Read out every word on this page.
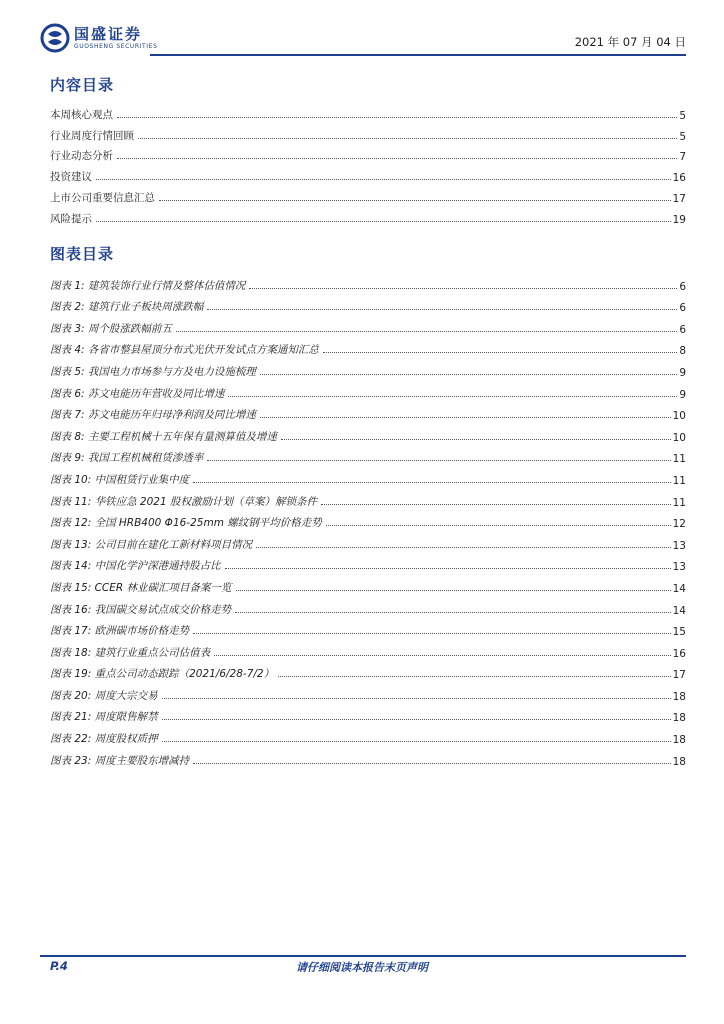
国盛证券
GUOSHENG SECURITIES	2021 年 07 月 04 日
内容目录
本周核心观点	5
行业周度行情回顾	5
行业动态分析	7
投资建议	16
上市公司重要信息汇总	17
风险提示	19
图表目录
图表 1: 建筑装饰行业行情及整体估值情况	6
图表 2: 建筑行业子板块周涨跌幅	6
图表 3: 周个股涨跌幅前五	6
图表 4: 各省市整县屋顶分布式光伏开发试点方案通知汇总	8
图表 5: 我国电力市场参与方及电力设施梳理	9
图表 6: 苏文电能历年营收及同比增速	9
图表 7: 苏文电能历年归母净利润及同比增速	10
图表 8: 主要工程机械十五年保有量测算值及增速	10
图表 9: 我国工程机械租赁渗透率	11
图表 10: 中国租赁行业集中度	11
图表 11: 华铁应急 2021 股权激励计划（草案）解锁条件	11
图表 12: 全国 HRB400 Φ16-25mm 螺纹钢平均价格走势	12
图表 13: 公司目前在建化工新材料项目情况	13
图表 14: 中国化学沪深港通持股占比	13
图表 15: CCER 林业碳汇项目备案一览	14
图表 16: 我国碳交易试点成交价格走势	14
图表 17: 欧洲碳市场价格走势	15
图表 18: 建筑行业重点公司估值表	16
图表 19: 重点公司动态跟踪（2021/6/28-7/2）	17
图表 20: 周度大宗交易	18
图表 21: 周度限售解禁	18
图表 22: 周度股权质押	18
图表 23: 周度主要股东增减持	18
P.4	请仔细阅读本报告末页声明
